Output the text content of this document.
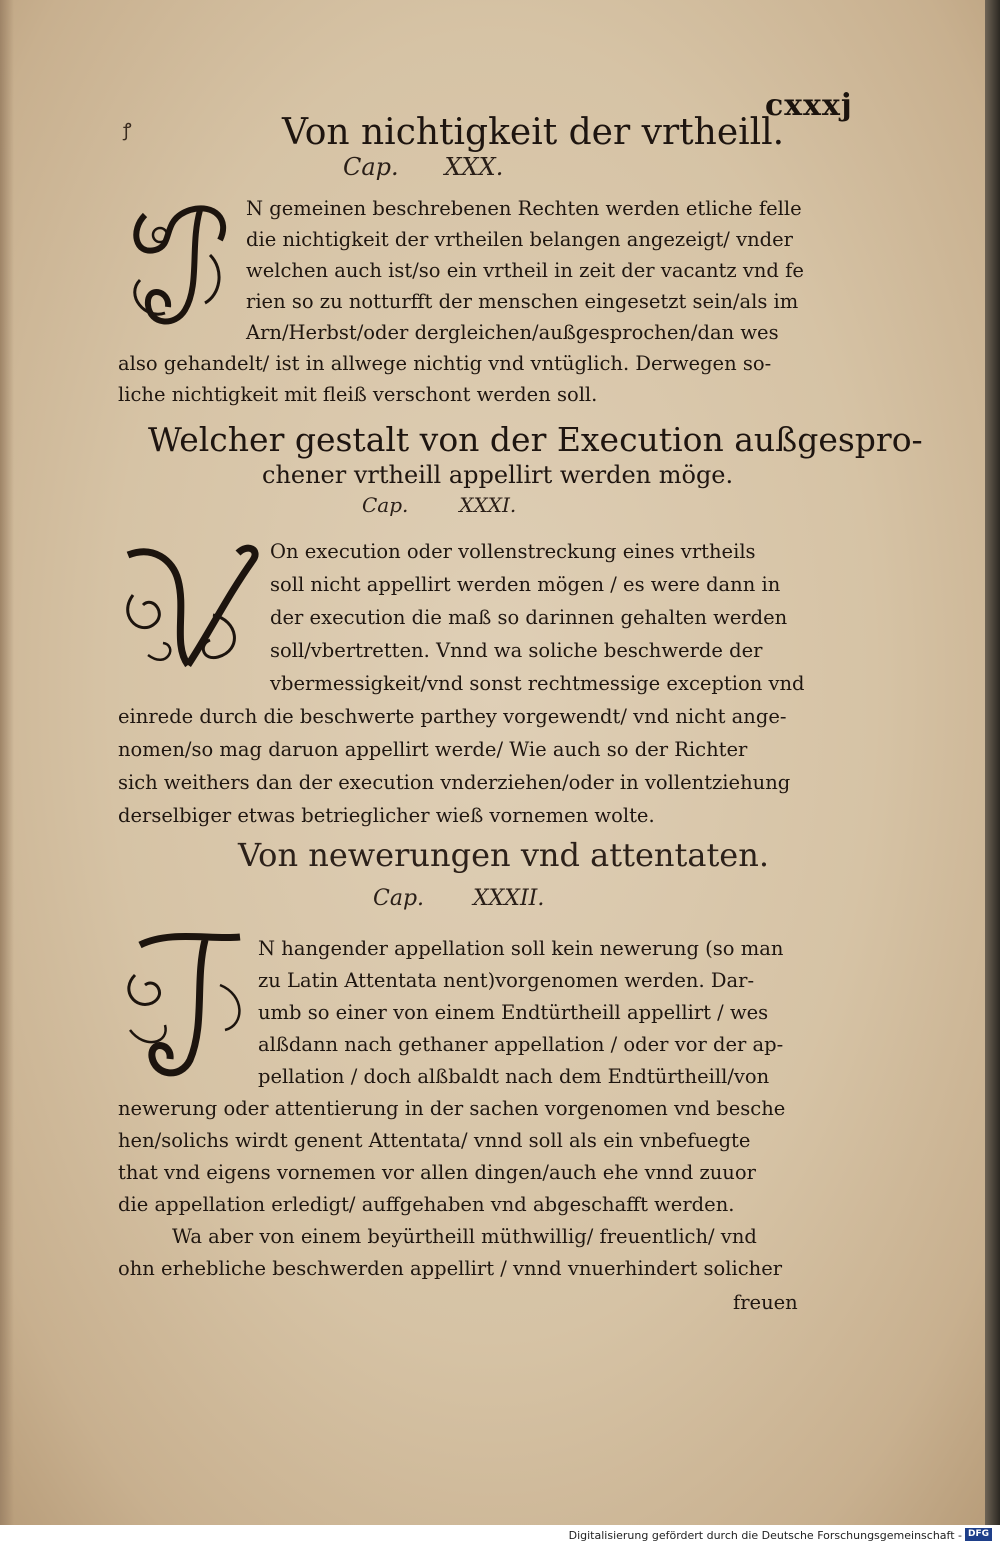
cxxxj
ꝭ	Von nichtigkeit der vrtheill.
Cap. XXX.
N gemeinen beschrebenen Rechten werden etliche felle
die nichtigkeit der vrtheilen belangen angezeigt/ vnder
welchen auch ist/so ein vrtheil in zeit der vacantz vnd fe
rien so zu notturfft der menschen eingesetzt sein/als im
Arn/Herbst/oder dergleichen/außgesprochen/dan wes
also gehandelt/ ist in allwege nichtig vnd vntüglich. Derwegen so-
liche nichtigkeit mit fleiß verschont werden soll.
Welcher gestalt von der Execution außgespro-
chener vrtheill appellirt werden möge.
Cap.	XXXI.
On execution oder vollenstreckung eines vrtheils
soll nicht appellirt werden mögen / es were dann in
der execution die maß so darinnen gehalten werden
soll/vbertretten. Vnnd wa soliche beschwerde der
vbermessigkeit/vnd sonst rechtmessige exception vnd
einrede durch die beschwerte parthey vorgewendt/ vnd nicht ange-
nomen/so mag daruon appellirt werde/ Wie auch so der Richter
sich weithers dan der execution vnderziehen/oder in vollentziehung
derselbiger etwas betrieglicher wieß vornemen wolte.
Von newerungen vnd attentaten.
Cap. XXXII.
N hangender appellation soll kein newerung (so man
zu Latin Attentata nent)vorgenomen werden. Dar-
umb so einer von einem Endtürtheill appellirt / wes
alßdann nach gethaner appellation / oder vor der ap-
pellation / doch alßbaldt nach dem Endtürtheill/von
newerung oder attentierung in der sachen vorgenomen vnd besche
hen/solichs wirdt genent Attentata/ vnnd soll als ein vnbefuegte
that vnd eigens vornemen vor allen dingen/auch ehe vnnd zuuor
die appellation erledigt/ auffgehaben vnd abgeschafft werden.
Wa aber von einem beyürtheill müthwillig/ freuentlich/ vnd
ohn erhebliche beschwerden appellirt / vnnd vnuerhindert solicher
freuen
Digitalisierung gefördert durch die Deutsche Forschungsgemeinschaft - DFG
